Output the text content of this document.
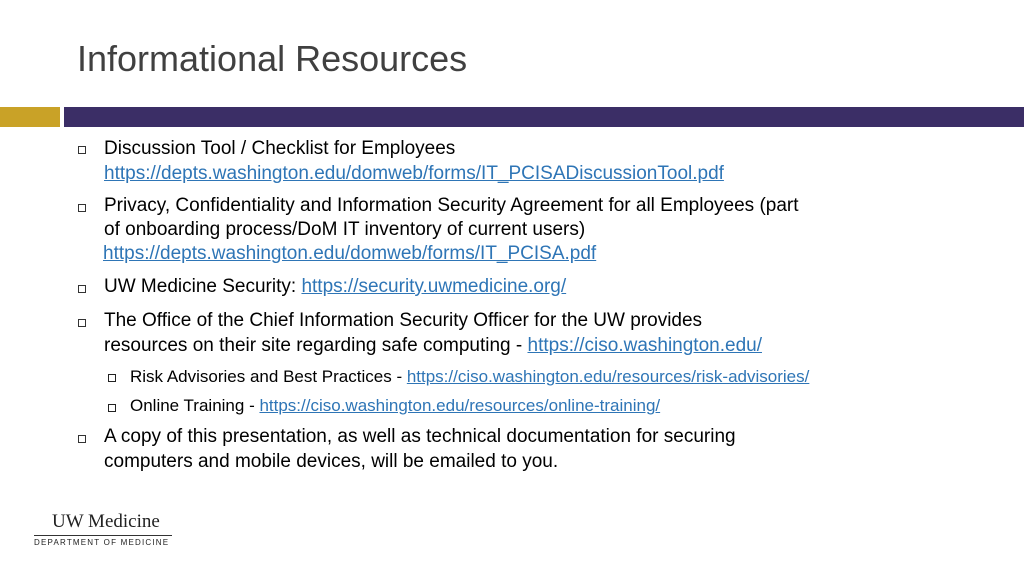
Informational Resources
Discussion Tool / Checklist for Employees
https://depts.washington.edu/domweb/forms/IT_PCISADiscussionTool.pdf
Privacy, Confidentiality and Information Security Agreement for all Employees (part
of onboarding process/DoM IT inventory of current users)
https://depts.washington.edu/domweb/forms/IT_PCISA.pdf
UW Medicine Security: https://security.uwmedicine.org/
The Office of the Chief Information Security Officer for the UW provides
resources on their site regarding safe computing - https://ciso.washington.edu/
Risk Advisories and Best Practices - https://ciso.washington.edu/resources/risk-advisories/
Online Training - https://ciso.washington.edu/resources/online-training/
A copy of this presentation, as well as technical documentation for securing
computers and mobile devices, will be emailed to you.
UW Medicine
DEPARTMENT OF MEDICINE
